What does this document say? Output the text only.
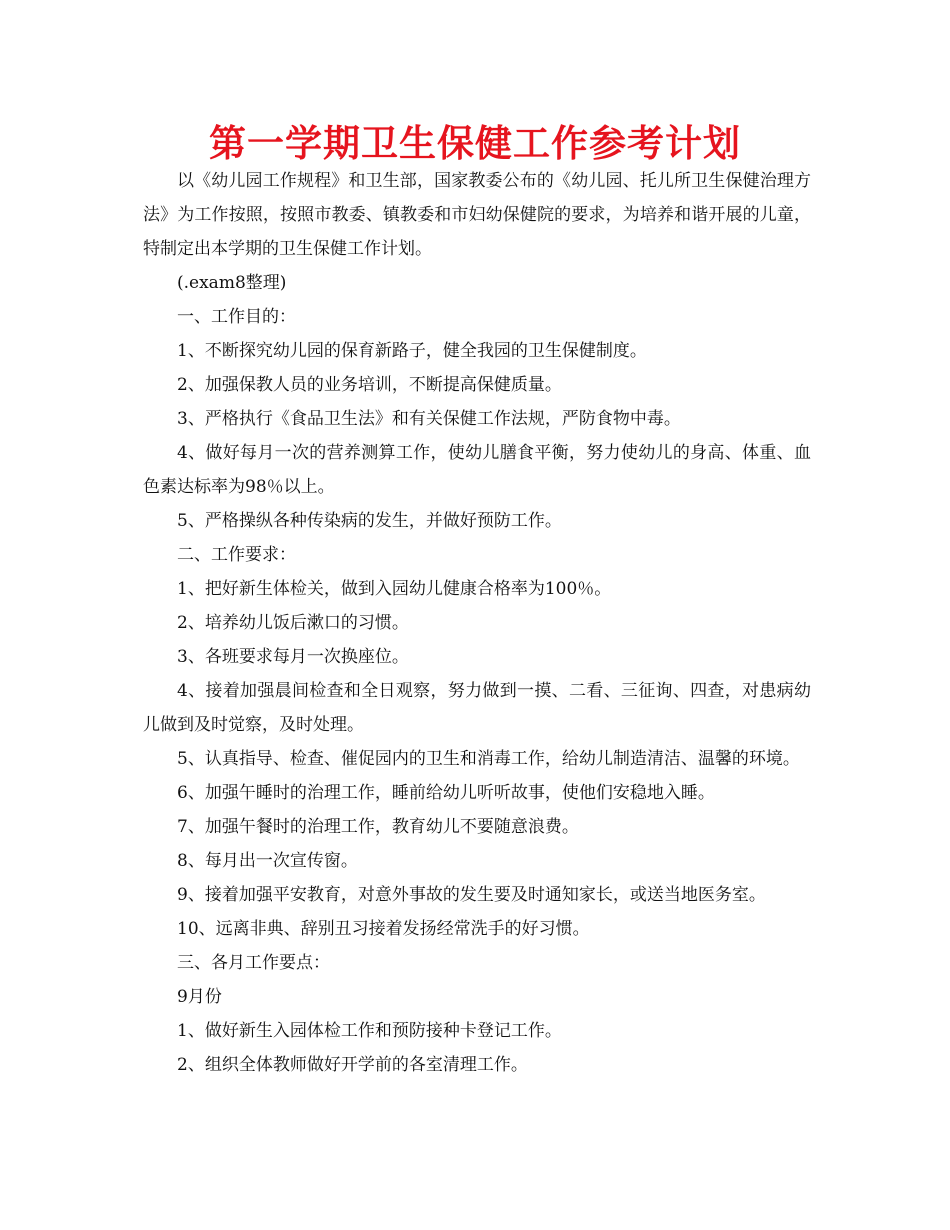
第一学期卫生保健工作参考计划

以《幼儿园工作规程》和卫生部，国家教委公布的《幼儿园、托儿所卫生保健治理方法》为工作按照，按照市教委、镇教委和市妇幼保健院的要求，为培养和谐开展的儿童，特制定出本学期的卫生保健工作计划。

(.exam8整理)

一、工作目的：

1、不断探究幼儿园的保育新路子，健全我园的卫生保健制度。

2、加强保教人员的业务培训，不断提高保健质量。

3、严格执行《食品卫生法》和有关保健工作法规，严防食物中毒。

4、做好每月一次的营养测算工作，使幼儿膳食平衡，努力使幼儿的身高、体重、血色素达标率为98％以上。

5、严格操纵各种传染病的发生，并做好预防工作。

二、工作要求：

1、把好新生体检关，做到入园幼儿健康合格率为100％。

2、培养幼儿饭后漱口的习惯。

3、各班要求每月一次换座位。

4、接着加强晨间检查和全日观察，努力做到一摸、二看、三征询、四查，对患病幼儿做到及时觉察，及时处理。

5、认真指导、检查、催促园内的卫生和消毒工作，给幼儿制造清洁、温馨的环境。

6、加强午睡时的治理工作，睡前给幼儿听听故事，使他们安稳地入睡。

7、加强午餐时的治理工作，教育幼儿不要随意浪费。

8、每月出一次宣传窗。

9、接着加强平安教育，对意外事故的发生要及时通知家长，或送当地医务室。

10、远离非典、辞别丑习接着发扬经常洗手的好习惯。

三、各月工作要点：

9月份

1、做好新生入园体检工作和预防接种卡登记工作。

2、组织全体教师做好开学前的各室清理工作。
